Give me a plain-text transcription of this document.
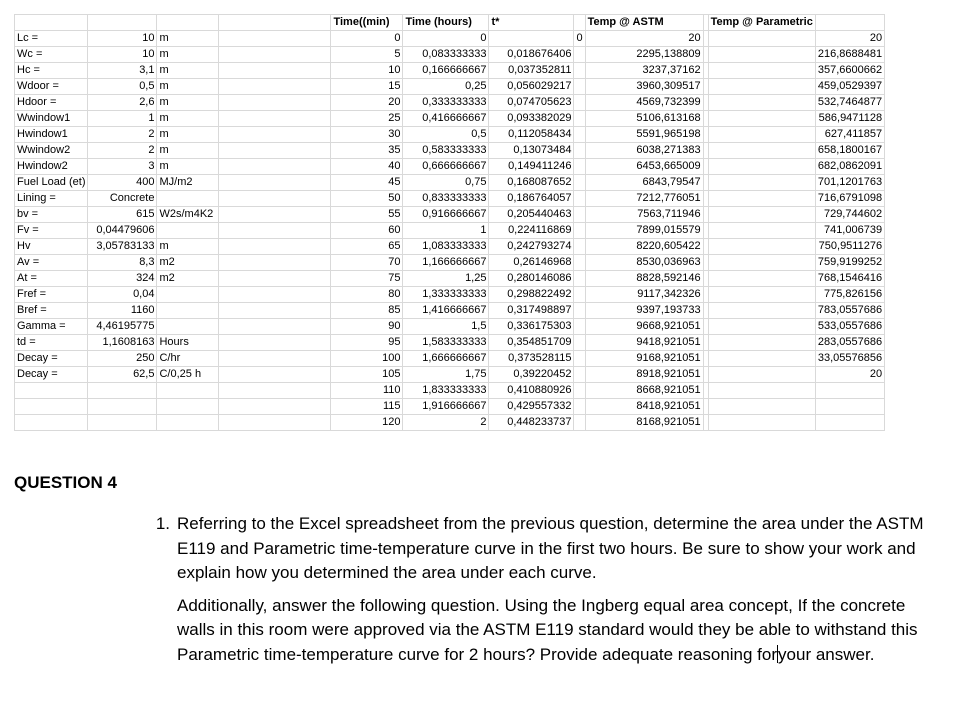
				Time((min)	Time (hours)	t*		Temp @ ASTM		Temp @ Parametric	
Lc =	10	m		0	0		0	20			20
Wc =	10	m		5	0,083333333	0,018676406		2295,138809			216,8688481
Hc =	3,1	m		10	0,166666667	0,037352811		3237,37162			357,6600662
Wdoor =	0,5	m		15	0,25	0,056029217		3960,309517			459,0529397
Hdoor =	2,6	m		20	0,333333333	0,074705623		4569,732399			532,7464877
Wwindow1	1	m		25	0,416666667	0,093382029		5106,613168			586,9471128
Hwindow1	2	m		30	0,5	0,112058434		5591,965198			627,411857
Wwindow2	2	m		35	0,583333333	0,13073484		6038,271383			658,1800167
Hwindow2	3	m		40	0,666666667	0,149411246		6453,665009			682,0862091
Fuel Load (et)	400	MJ/m2		45	0,75	0,168087652		6843,79547			701,1201763
Lining =	Concrete			50	0,833333333	0,186764057		7212,776051			716,6791098
bv =	615	W2s/m4K2		55	0,916666667	0,205440463		7563,711946			729,744602
Fv =	0,04479606			60	1	0,224116869		7899,015579			741,006739
Hv	3,05783133	m		65	1,083333333	0,242793274		8220,605422			750,9511276
Av =	8,3	m2		70	1,166666667	0,26146968		8530,036963			759,9199252
At =	324	m2		75	1,25	0,280146086		8828,592146			768,1546416
Fref =	0,04			80	1,333333333	0,298822492		9117,342326			775,826156
Bref =	1160			85	1,416666667	0,317498897		9397,193733			783,0557686
Gamma =	4,46195775			90	1,5	0,336175303		9668,921051			533,0557686
td =	1,1608163	Hours		95	1,583333333	0,354851709		9418,921051			283,0557686
Decay =	250	C/hr		100	1,666666667	0,373528115		9168,921051			33,05576856
Decay =	62,5	C/0,25 h		105	1,75	0,39220452		8918,921051			20
				110	1,833333333	0,410880926		8668,921051			
				115	1,916666667	0,429557332		8418,921051			
				120	2	0,448233737		8168,921051			
QUESTION 4
1. Referring to the Excel spreadsheet from the previous question, determine the area under the ASTM E119 and Parametric time-temperature curve in the first two hours. Be sure to show your work and explain how you determined the area under each curve.
Additionally, answer the following question. Using the Ingberg equal area concept, If the concrete walls in this room were approved via the ASTM E119 standard would they be able to withstand this Parametric time-temperature curve for 2 hours? Provide adequate reasoning foryour answer.
